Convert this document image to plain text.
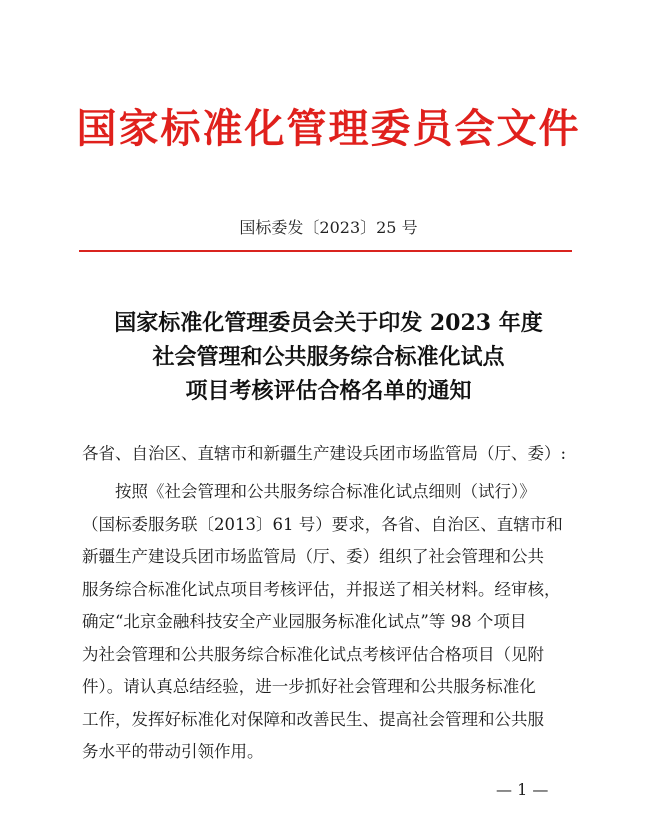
国家标准化管理委员会文件
国标委发〔2023〕25 号
国家标准化管理委员会关于印发 2023 年度
社会管理和公共服务综合标准化试点
项目考核评估合格名单的通知
各省、自治区、直辖市和新疆生产建设兵团市场监管局（厅、委）:
按照《社会管理和公共服务综合标准化试点细则（试行）》
（国标委服务联〔2013〕61 号）要求，各省、自治区、直辖市和
新疆生产建设兵团市场监管局（厅、委）组织了社会管理和公共
服务综合标准化试点项目考核评估，并报送了相关材料。经审核，
确定“北京金融科技安全产业园服务标准化试点”等 98 个项目
为社会管理和公共服务综合标准化试点考核评估合格项目（见附
件）。请认真总结经验，进一步抓好社会管理和公共服务标准化
工作，发挥好标准化对保障和改善民生、提高社会管理和公共服
务水平的带动引领作用。
— 1 —
